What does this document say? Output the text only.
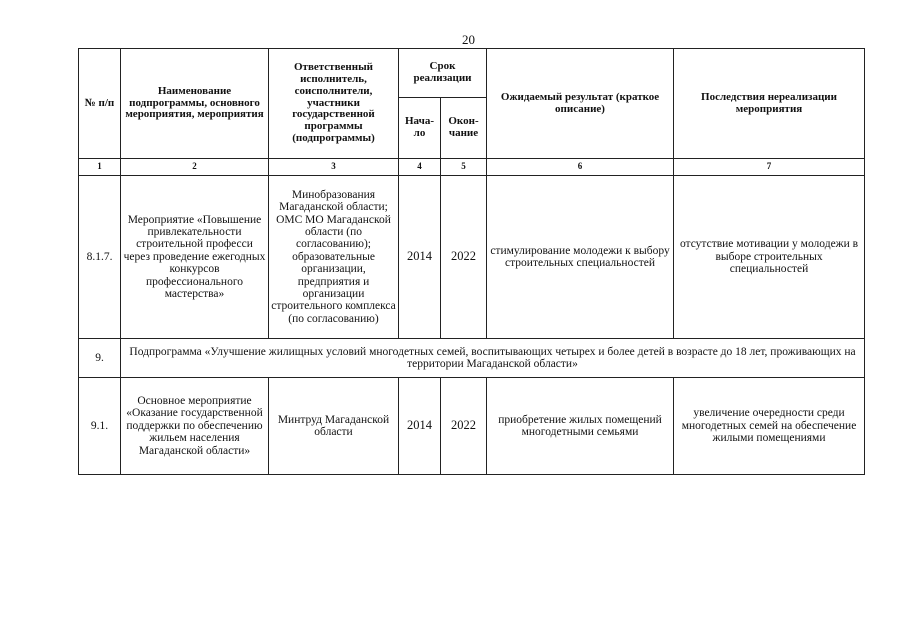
20
№ п/п	Наименование подпрограммы, основного мероприятия, мероприятия	Ответственный исполнитель, соисполнители, участники государственной программы (подпрограммы)	Срок реализации		Ожидаемый результат (краткое описание)	Последствия нереализации мероприятия
			Нача-ло	Окон-чание		
1	2	3	4	5	6	7
8.1.7.	Мероприятие «Повышение привлекательности строительной професси через проведение ежегодных конкурсов профессионального мастерства»	Минобразования Магаданской области; ОМС МО Магаданской области (по согласованию); образовательные организации, предприятия и организации строительного комплекса (по согласованию)	2014	2022	стимулирование молодежи к выбору строительных специальностей	отсутствие мотивации у молодежи в выборе строительных специальностей
9.	Подпрограмма «Улучшение жилищных условий многодетных семей, воспитывающих четырех и более детей в возрасте до 18 лет, проживающих на территории Магаданской области»					
9.1.	Основное мероприятие «Оказание государственной поддержки по обеспечению жильем населения Магаданской области»	Минтруд Магаданской области	2014	2022	приобретение жилых помещений многодетными семьями	увеличение очередности среди многодетных семей на обеспечение жилыми помещениями
